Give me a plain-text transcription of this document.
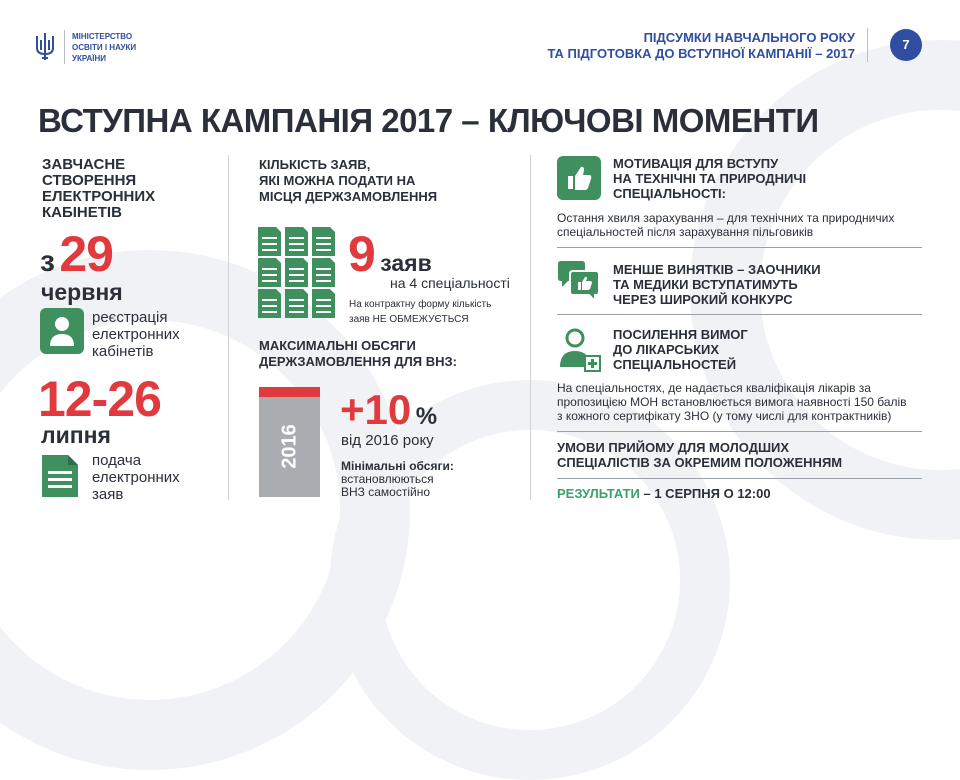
МІНІСТЕРСТВО
ОСВІТИ І НАУКИ
УКРАЇНИ
ПІДСУМКИ НАВЧАЛЬНОГО РОКУ
ТА ПІДГОТОВКА ДО ВСТУПНОЇ КАМПАНІЇ – 2017
7
ВСТУПНА КАМПАНІЯ 2017 – КЛЮЧОВІ МОМЕНТИ
ЗАВЧАСНЕ
СТВОРЕННЯ
ЕЛЕКТРОННИХ
КАБІНЕТІВ
з 29
червня
реєстрація
електронних
кабінетів
12-26
липня
подача
електронних
заяв
КІЛЬКІСТЬ ЗАЯВ,
ЯКІ МОЖНА ПОДАТИ НА
МІСЦЯ ДЕРЖЗАМОВЛЕННЯ
9 заяв
на 4 спеціальності
На контрактну форму кількість
заяв НЕ ОБМЕЖУЄТЬСЯ
МАКСИМАЛЬНІ ОБСЯГИ
ДЕРЖЗАМОВЛЕННЯ ДЛЯ ВНЗ:
2016
+10 %
від 2016 року
Мінімальні обсяги:
встановлюються
ВНЗ самостійно
МОТИВАЦІЯ ДЛЯ ВСТУПУ
НА ТЕХНІЧНІ ТА ПРИРОДНИЧІ
СПЕЦІАЛЬНОСТІ:
Остання хвиля зарахування – для технічних та природничих
спеціальностей після зарахування пільговиків
МЕНШЕ ВИНЯТКІВ – ЗАОЧНИКИ
ТА МЕДИКИ ВСТУПАТИМУТЬ
ЧЕРЕЗ ШИРОКИЙ КОНКУРС
ПОСИЛЕННЯ ВИМОГ
ДО ЛІКАРСЬКИХ
СПЕЦІАЛЬНОСТЕЙ
На спеціальностях, де надається кваліфікація лікарів за
пропозицією МОН встановлюється вимога наявності 150 балів
з кожного сертифікату ЗНО (у тому числі для контрактників)
УМОВИ ПРИЙОМУ ДЛЯ МОЛОДШИХ
СПЕЦІАЛІСТІВ ЗА ОКРЕМИМ ПОЛОЖЕННЯМ
РЕЗУЛЬТАТИ – 1 СЕРПНЯ О 12:00
